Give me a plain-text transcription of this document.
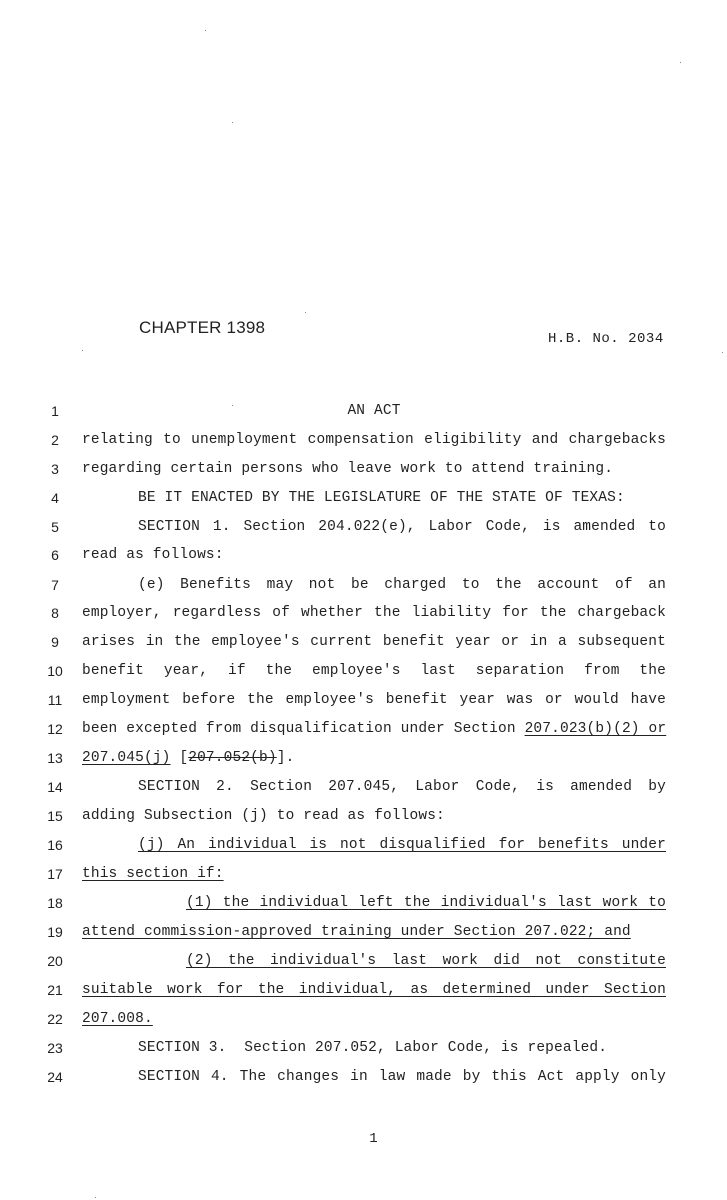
CHAPTER 1398
H.B. No. 2034
1	AN ACT
2	relating to unemployment compensation eligibility and chargebacks
3	regarding certain persons who leave work to attend training.
4	BE IT ENACTED BY THE LEGISLATURE OF THE STATE OF TEXAS:
5	SECTION 1. Section 204.022(e), Labor Code, is amended to
6	read as follows:
7	(e) Benefits may not be charged to the account of an
8	employer, regardless of whether the liability for the chargeback
9	arises in the employee's current benefit year or in a subsequent
10	benefit year, if the employee's last separation from the
11	employment before the employee's benefit year was or would have
12	been excepted from disqualification under Section 207.023(b)(2) or
13	207.045(j) [207.052(b)].
14	SECTION 2. Section 207.045, Labor Code, is amended by
15	adding Subsection (j) to read as follows:
16	(j) An individual is not disqualified for benefits under
17	this section if:
18	(1) the individual left the individual's last work to
19	attend commission-approved training under Section 207.022; and
20	(2) the individual's last work did not constitute
21	suitable work for the individual, as determined under Section
22	207.008.
23	SECTION 3.  Section 207.052, Labor Code, is repealed.
24	SECTION 4. The changes in law made by this Act apply only
1
